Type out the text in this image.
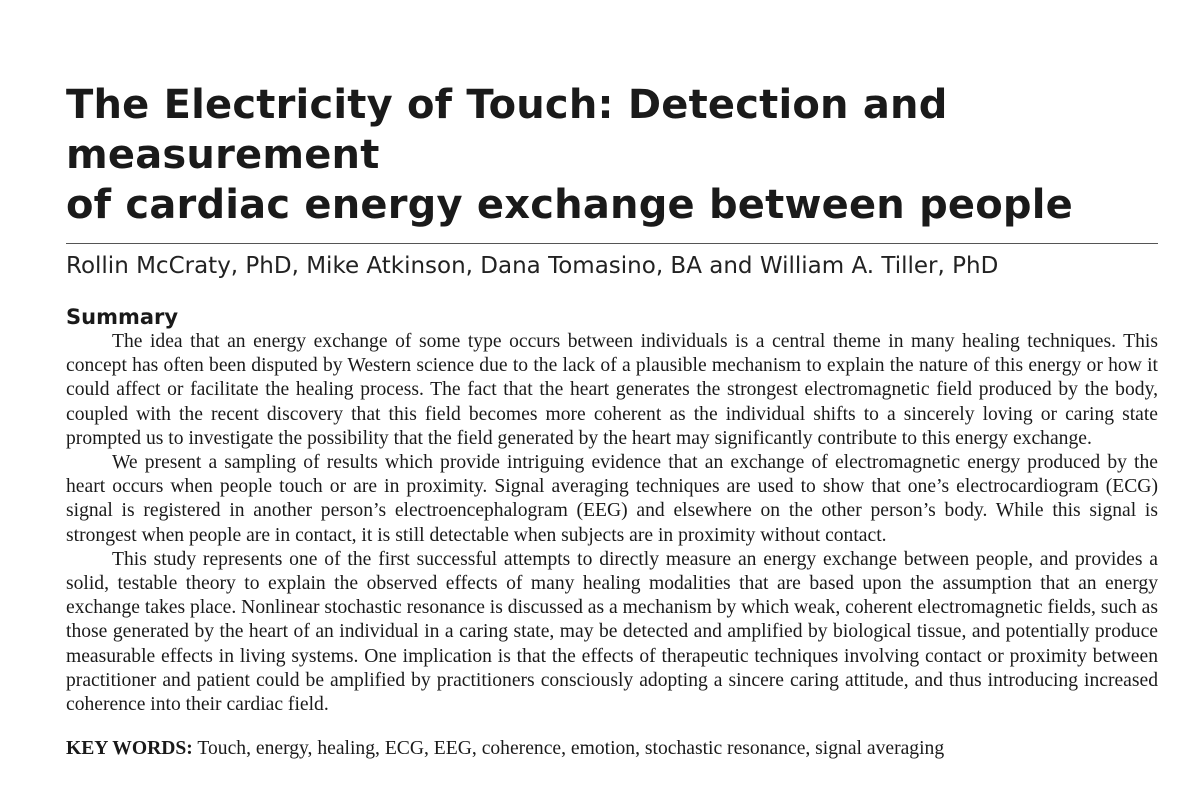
The Electricity of Touch: Detection and measurement
of cardiac energy exchange between people
Rollin McCraty, PhD, Mike Atkinson, Dana Tomasino, BA and William A. Tiller, PhD
Summary

The idea that an energy exchange of some type occurs between individuals is a central theme in many healing techniques. This concept has often been disputed by Western science due to the lack of a plausible mechanism to explain the nature of this energy or how it could affect or facilitate the healing process. The fact that the heart generates the strongest electromagnetic field produced by the body, coupled with the recent discovery that this field becomes more coherent as the individual shifts to a sincerely loving or caring state prompted us to investigate the possibility that the field generated by the heart may significantly contribute to this energy exchange.

We present a sampling of results which provide intriguing evidence that an exchange of electromagnetic energy produced by the heart occurs when people touch or are in proximity. Signal averaging techniques are used to show that one’s electrocardiogram (ECG) signal is registered in another person’s electroencephalogram (EEG) and elsewhere on the other person’s body. While this signal is strongest when people are in contact, it is still detectable when subjects are in proximity without contact.

This study represents one of the first successful attempts to directly measure an energy exchange between people, and provides a solid, testable theory to explain the observed effects of many healing modalities that are based upon the assumption that an energy exchange takes place. Nonlinear stochastic resonance is discussed as a mechanism by which weak, coherent electromagnetic fields, such as those generated by the heart of an individual in a caring state, may be detected and amplified by biological tissue, and potentially produce measurable effects in living systems. One implication is that the effects of therapeutic techniques involving contact or proximity between practitioner and patient could be amplified by practitioners consciously adopting a sincere caring attitude, and thus introducing increased coherence into their cardiac field.

KEY WORDS: Touch, energy, healing, ECG, EEG, coherence, emotion, stochastic resonance, signal averaging
